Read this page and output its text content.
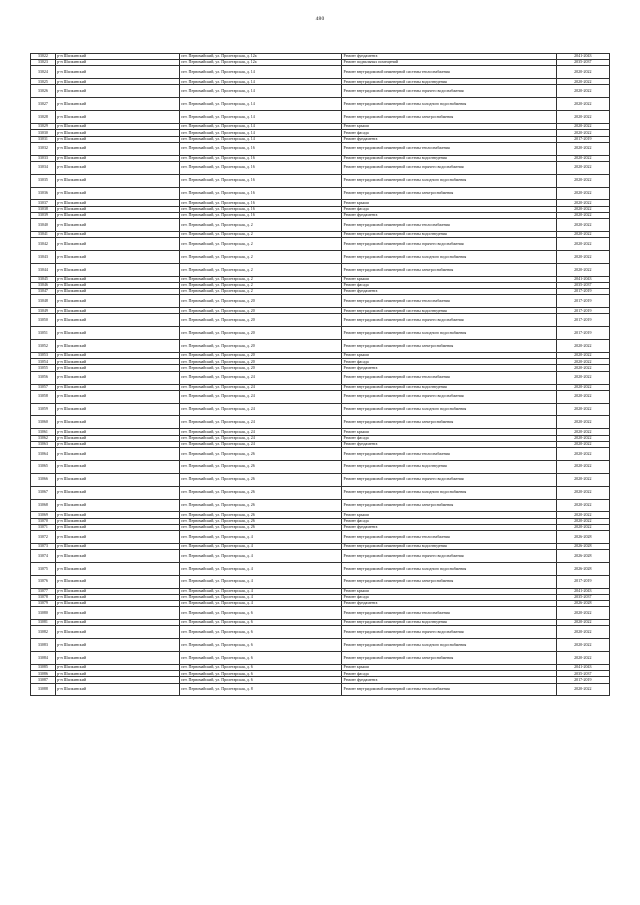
480
33022	р-н Шилкинский	пгт. Первомайский, ул. Пролетарская, д. 12а	Ремонт фундамента	2041-2043
33023	р-н Шилкинский	пгт. Первомайский, ул. Пролетарская, д. 12а	Ремонт подвальных помещений	2035-2037
33024	р-н Шилкинский	пгт. Первомайский, ул. Пролетарская, д. 14	Ремонт внутридомовой инженерной системы теплоснабжения	2020-2022
33025	р-н Шилкинский	пгт. Первомайский, ул. Пролетарская, д. 14	Ремонт внутридомовой инженерной системы водоотведения	2020-2022
33026	р-н Шилкинский	пгт. Первомайский, ул. Пролетарская, д. 14	Ремонт внутридомовой инженерной системы горячего водоснабжения	2020-2022
33027	р-н Шилкинский	пгт. Первомайский, ул. Пролетарская, д. 14	Ремонт внутридомовой инженерной системы холодного водоснабжения	2020-2022
33028	р-н Шилкинский	пгт. Первомайский, ул. Пролетарская, д. 14	Ремонт внутридомовой инженерной системы электроснабжения	2020-2022
33029	р-н Шилкинский	пгт. Первомайский, ул. Пролетарская, д. 14	Ремонт крыши	2020-2022
33030	р-н Шилкинский	пгт. Первомайский, ул. Пролетарская, д. 14	Ремонт фасада	2020-2022
33031	р-н Шилкинский	пгт. Первомайский, ул. Пролетарская, д. 14	Ремонт фундамента	2017-2019
33032	р-н Шилкинский	пгт. Первомайский, ул. Пролетарская, д. 16	Ремонт внутридомовой инженерной системы теплоснабжения	2020-2022
33033	р-н Шилкинский	пгт. Первомайский, ул. Пролетарская, д. 16	Ремонт внутридомовой инженерной системы водоотведения	2020-2022
33034	р-н Шилкинский	пгт. Первомайский, ул. Пролетарская, д. 16	Ремонт внутридомовой инженерной системы горячего водоснабжения	2020-2022
33035	р-н Шилкинский	пгт. Первомайский, ул. Пролетарская, д. 16	Ремонт внутридомовой инженерной системы холодного водоснабжения	2020-2022
33036	р-н Шилкинский	пгт. Первомайский, ул. Пролетарская, д. 16	Ремонт внутридомовой инженерной системы электроснабжения	2020-2022
33037	р-н Шилкинский	пгт. Первомайский, ул. Пролетарская, д. 16	Ремонт крыши	2020-2022
33038	р-н Шилкинский	пгт. Первомайский, ул. Пролетарская, д. 16	Ремонт фасада	2020-2022
33039	р-н Шилкинский	пгт. Первомайский, ул. Пролетарская, д. 16	Ремонт фундамента	2020-2022
33040	р-н Шилкинский	пгт. Первомайский, ул. Пролетарская, д. 2	Ремонт внутридомовой инженерной системы теплоснабжения	2020-2022
33041	р-н Шилкинский	пгт. Первомайский, ул. Пролетарская, д. 2	Ремонт внутридомовой инженерной системы водоотведения	2020-2022
33042	р-н Шилкинский	пгт. Первомайский, ул. Пролетарская, д. 2	Ремонт внутридомовой инженерной системы горячего водоснабжения	2020-2022
33043	р-н Шилкинский	пгт. Первомайский, ул. Пролетарская, д. 2	Ремонт внутридомовой инженерной системы холодного водоснабжения	2020-2022
33044	р-н Шилкинский	пгт. Первомайский, ул. Пролетарская, д. 2	Ремонт внутридомовой инженерной системы электроснабжения	2020-2022
33045	р-н Шилкинский	пгт. Первомайский, ул. Пролетарская, д. 2	Ремонт крыши	2041-2043
33046	р-н Шилкинский	пгт. Первомайский, ул. Пролетарская, д. 2	Ремонт фасада	2035-2037
33047	р-н Шилкинский	пгт. Первомайский, ул. Пролетарская, д. 2	Ремонт фундамента	2017-2019
33048	р-н Шилкинский	пгт. Первомайский, ул. Пролетарская, д. 20	Ремонт внутридомовой инженерной системы теплоснабжения	2017-2019
33049	р-н Шилкинский	пгт. Первомайский, ул. Пролетарская, д. 20	Ремонт внутридомовой инженерной системы водоотведения	2017-2019
33050	р-н Шилкинский	пгт. Первомайский, ул. Пролетарская, д. 20	Ремонт внутридомовой инженерной системы горячего водоснабжения	2017-2019
33051	р-н Шилкинский	пгт. Первомайский, ул. Пролетарская, д. 20	Ремонт внутридомовой инженерной системы холодного водоснабжения	2017-2019
33052	р-н Шилкинский	пгт. Первомайский, ул. Пролетарская, д. 20	Ремонт внутридомовой инженерной системы электроснабжения	2020-2022
33053	р-н Шилкинский	пгт. Первомайский, ул. Пролетарская, д. 20	Ремонт крыши	2020-2022
33054	р-н Шилкинский	пгт. Первомайский, ул. Пролетарская, д. 20	Ремонт фасада	2020-2022
33055	р-н Шилкинский	пгт. Первомайский, ул. Пролетарская, д. 20	Ремонт фундамента	2020-2022
33056	р-н Шилкинский	пгт. Первомайский, ул. Пролетарская, д. 24	Ремонт внутридомовой инженерной системы теплоснабжения	2020-2022
33057	р-н Шилкинский	пгт. Первомайский, ул. Пролетарская, д. 24	Ремонт внутридомовой инженерной системы водоотведения	2020-2022
33058	р-н Шилкинский	пгт. Первомайский, ул. Пролетарская, д. 24	Ремонт внутридомовой инженерной системы горячего водоснабжения	2020-2022
33059	р-н Шилкинский	пгт. Первомайский, ул. Пролетарская, д. 24	Ремонт внутридомовой инженерной системы холодного водоснабжения	2020-2022
33060	р-н Шилкинский	пгт. Первомайский, ул. Пролетарская, д. 24	Ремонт внутридомовой инженерной системы электроснабжения	2020-2022
33061	р-н Шилкинский	пгт. Первомайский, ул. Пролетарская, д. 24	Ремонт крыши	2020-2022
33062	р-н Шилкинский	пгт. Первомайский, ул. Пролетарская, д. 24	Ремонт фасада	2020-2022
33063	р-н Шилкинский	пгт. Первомайский, ул. Пролетарская, д. 24	Ремонт фундамента	2020-2022
33064	р-н Шилкинский	пгт. Первомайский, ул. Пролетарская, д. 26	Ремонт внутридомовой инженерной системы теплоснабжения	2020-2022
33065	р-н Шилкинский	пгт. Первомайский, ул. Пролетарская, д. 26	Ремонт внутридомовой инженерной системы водоотведения	2020-2022
33066	р-н Шилкинский	пгт. Первомайский, ул. Пролетарская, д. 26	Ремонт внутридомовой инженерной системы горячего водоснабжения	2020-2022
33067	р-н Шилкинский	пгт. Первомайский, ул. Пролетарская, д. 26	Ремонт внутридомовой инженерной системы холодного водоснабжения	2020-2022
33068	р-н Шилкинский	пгт. Первомайский, ул. Пролетарская, д. 26	Ремонт внутридомовой инженерной системы электроснабжения	2020-2022
33069	р-н Шилкинский	пгт. Первомайский, ул. Пролетарская, д. 26	Ремонт крыши	2020-2022
33070	р-н Шилкинский	пгт. Первомайский, ул. Пролетарская, д. 26	Ремонт фасада	2020-2022
33071	р-н Шилкинский	пгт. Первомайский, ул. Пролетарская, д. 26	Ремонт фундамента	2020-2022
33072	р-н Шилкинский	пгт. Первомайский, ул. Пролетарская, д. 4	Ремонт внутридомовой инженерной системы теплоснабжения	2026-2028
33073	р-н Шилкинский	пгт. Первомайский, ул. Пролетарская, д. 4	Ремонт внутридомовой инженерной системы водоотведения	2026-2028
33074	р-н Шилкинский	пгт. Первомайский, ул. Пролетарская, д. 4	Ремонт внутридомовой инженерной системы горячего водоснабжения	2026-2028
33075	р-н Шилкинский	пгт. Первомайский, ул. Пролетарская, д. 4	Ремонт внутридомовой инженерной системы холодного водоснабжения	2026-2028
33076	р-н Шилкинский	пгт. Первомайский, ул. Пролетарская, д. 4	Ремонт внутридомовой инженерной системы электроснабжения	2017-2019
33077	р-н Шилкинский	пгт. Первомайский, ул. Пролетарская, д. 4	Ремонт крыши	2041-2043
33078	р-н Шилкинский	пгт. Первомайский, ул. Пролетарская, д. 4	Ремонт фасада	2035-2037
33079	р-н Шилкинский	пгт. Первомайский, ул. Пролетарская, д. 4	Ремонт фундамента	2026-2028
33080	р-н Шилкинский	пгт. Первомайский, ул. Пролетарская, д. 6	Ремонт внутридомовой инженерной системы теплоснабжения	2020-2022
33081	р-н Шилкинский	пгт. Первомайский, ул. Пролетарская, д. 6	Ремонт внутридомовой инженерной системы водоотведения	2020-2022
33082	р-н Шилкинский	пгт. Первомайский, ул. Пролетарская, д. 6	Ремонт внутридомовой инженерной системы горячего водоснабжения	2020-2022
33083	р-н Шилкинский	пгт. Первомайский, ул. Пролетарская, д. 6	Ремонт внутридомовой инженерной системы холодного водоснабжения	2020-2022
33084	р-н Шилкинский	пгт. Первомайский, ул. Пролетарская, д. 6	Ремонт внутридомовой инженерной системы электроснабжения	2020-2022
33085	р-н Шилкинский	пгт. Первомайский, ул. Пролетарская, д. 6	Ремонт крыши	2041-2043
33086	р-н Шилкинский	пгт. Первомайский, ул. Пролетарская, д. 6	Ремонт фасада	2035-2037
33087	р-н Шилкинский	пгт. Первомайский, ул. Пролетарская, д. 6	Ремонт фундамента	2017-2019
33088	р-н Шилкинский	пгт. Первомайский, ул. Пролетарская, д. 8	Ремонт внутридомовой инженерной системы теплоснабжения	2020-2022
